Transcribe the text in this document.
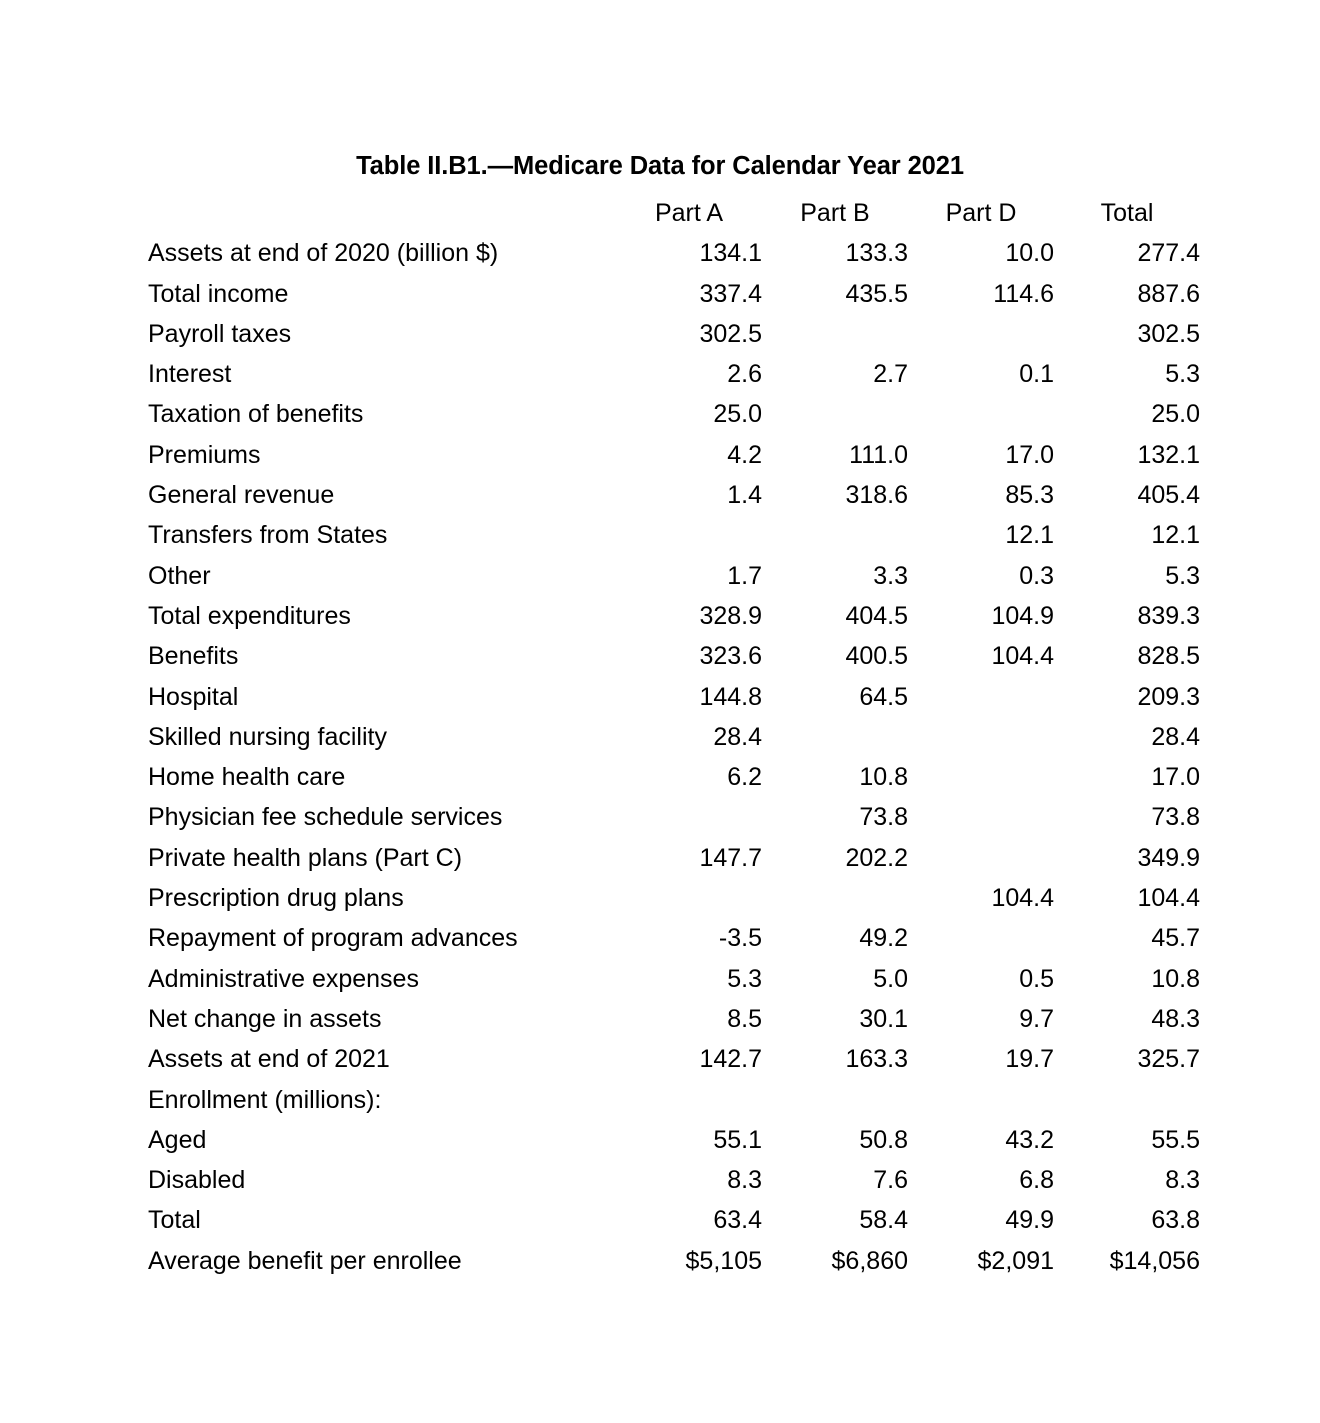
Table II.B1.—Medicare Data for Calendar Year 2021
	Part A	Part B	Part D	Total
Assets at end of 2020 (billion $)	134.1	133.3	10.0	277.4
Total income	337.4	435.5	114.6	887.6
Payroll taxes	302.5			302.5
Interest	2.6	2.7	0.1	5.3
Taxation of benefits	25.0			25.0
Premiums	4.2	111.0	17.0	132.1
General revenue	1.4	318.6	85.3	405.4
Transfers from States			12.1	12.1
Other	1.7	3.3	0.3	5.3
Total expenditures	328.9	404.5	104.9	839.3
Benefits	323.6	400.5	104.4	828.5
Hospital	144.8	64.5		209.3
Skilled nursing facility	28.4			28.4
Home health care	6.2	10.8		17.0
Physician fee schedule services		73.8		73.8
Private health plans (Part C)	147.7	202.2		349.9
Prescription drug plans			104.4	104.4
Repayment of program advances	-3.5	49.2		45.7
Administrative expenses	5.3	5.0	0.5	10.8
Net change in assets	8.5	30.1	9.7	48.3
Assets at end of 2021	142.7	163.3	19.7	325.7
Enrollment (millions):				
Aged	55.1	50.8	43.2	55.5
Disabled	8.3	7.6	6.8	8.3
Total	63.4	58.4	49.9	63.8
Average benefit per enrollee	$5,105	$6,860	$2,091	$14,056
